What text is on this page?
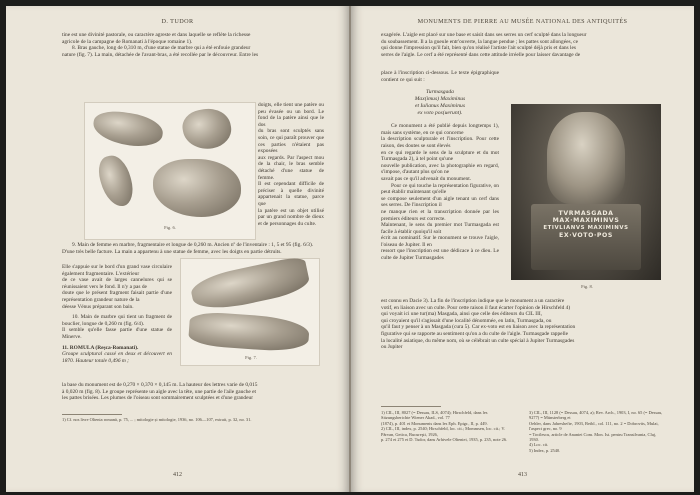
D. TUDOR

tine est une divinité pastorale, ou caractère agreste et dans laquelle se reflète la richesse

agricole de la campagne de Romanati à l'époque romaine 1).

8. Bras gauche, long de 0,310 m, d'une statue de marbre qui a été enfouie grandeur

nature (fig. 7). La main, détachée de l'avant-bras, a été recollée par le découvreur. Entre les

Fig. 6.

doigts, elle tient une patère ou peu évasée ou un bord. Le fond de la patère ainsi que le dos

du bras sont sculptés sans soin, ce qui paraît prouver que ces parties n'étaient pas exposées

aux regards. Par l'aspect mou de la chair, le bras semble détaché d'une statue de femme.

Il est cependant difficile de préciser à quelle divinité appartenait la statue, parce que

la patère est un objet utilisé par un grand nombre de dieux et de personnages du culte.

9. Main de femme en marbre, fragmentaire et longue de 0,260 m. Ancien nº de l'inventaire : 1, 5 et 95 (fig. 6/3).

D'une très belle facture. La main a appartenu à une statue de femme, avec les doigts en partie détruits.

Elle s'appuie sur le bord d'un grand vase circulaire également fragmentaire. L'extérieur

de ce vase avait de larges cannelures qui se réunissaient vers le fond. Il n'y a pas de

doute que le présent fragment faisait partie d'une représentation grandeur nature de la

déesse Vénus préparant son bain.

10. Main de marbre qui tient un fragment de bouclier, longue de 0,260 m (fig. 6/4).

Il semble qu'elle fasse partie d'une statue de Minerve.

11. ROMULA (Reşca-Romanati).

Groupe sculptural cassé en deux et découvert en 1870. Hauteur totale 0,496 m ;

Fig. 7.

la base du monument est de 0,270 × 0,370 × 0,145 m. La hauteur des lettres varie de 0,015

à 0,020 m (fig. 8). Le groupe représente un aigle avec la tête, une partie de l'aile gauche et

les pattes brisées. Les plumes de l'oiseau sont sommairement sculptées et d'une grandeur

1) Cf. nos livre Oltenia romană, p. 75, ... ; mitologie și mitologie, 1936, no. 106—107, extrait, p. 32, no. 31.
412
MONUMENTS DE PIERRE AU MUSÉE NATIONAL DES ANTIQUITÉS

exagérée. L'aigle est placé sur une base et saisit dans ses serres un cerf sculpté dans la longueur

du soubassement. Il a la gueule entr'ouverte, la langue pendue ; les pattes sont allongées, ce

qui donne l'impression qu'il fait, bien qu'on réalisé l'artiste l'ait sculpté déjà pris et dans les

serres de l'aigle. Le cerf a été représenté dans cette attitude irréelle pour laisser davantage de

place à l'inscription ci-dessous. Le texte épigraphique contient ce qui suit :

Turmasgada
Max(imus) Maximinus
et Iulianus Maximinus
ex voto pos(uerunt).

Ce monument a été publié depuis longtemps 1), mais sans système, en ce qui concerne

la description sculpturale et l'inscription. Pour cette raison, des doutes se sont élevés

en ce qui regarde le sens de la sculpture et du mot Turmasgada 2), à tel point qu'une

nouvelle publication, avec la photographie en regard, s'impose, d'autant plus qu'on ne

savait pas ce qu'il advenait du monument.

Pour ce qui touche la représentation figurative, on peut établir maintenant qu'elle

se compose seulement d'un aigle tenant un cerf dans ses serres. De l'inscription il

ne manque rien et la transcription donnée par les premiers éditeurs est correcte.

Maintenant, le sens du premier mot Turmasgada est facile à établir quoiqu'il soit

écrit au nominatif. Sur le monument se trouve l'aigle, l'oiseau de Jupiter. Il en

ressort que l'inscription est une dédicace à ce dieu. Le culte de Jupiter Turmasgades

TVRMASGADA
MAX·MAXIMINVS
ETIVLIANVS MAXIMINVS
EX·VOTO·POS
Fig. 8.

est connu en Dacie 3). La fin de l'inscription indique que le monument a un caractère

votif, en liaison avec un culte. Pour cette raison il faut écarter l'opinion de Hirschfeld 4)

qui voyait ici une tur(ma) Masgada, ainsi que celle des éditeurs du CIL III,

qui croyaient qu'il s'agissait d'une localité dénommée, en latin, Turmasgada, ou

qu'il faut y penser à un Masgada (cura 5). Car ex-voto est en liaison avec la représentation

figurative qui se rapporte au sentiment qu'on a du culte de l'aigle. Turmasgade rappelle

la localité asiatique, du même nom, où se célébrait un culte spécial à Jupiter Turmasgades

ou Jupiter

1) CIL, III, 8027 (= Dessau, ILS, 4074); Hirschfeld, dans les Sitzungsberichte Wiener Akad., vol. 77
(1874), p. 401 et Monuments dans les Eph. Epigr., II, p. 449.
2) CIL, III, index, p. 2540; Hirschfeld, loc. cit.; Mommsen, loc. cit.; V. Pârvan, Getica, Bucureşti, 1926,
p. 274 et 275 et D. Tudor, dans Arhivele Olteniei, 1935, p. 235, note 26.
3) CIL, III, 1128 (= Dessau, 4074, a); Rev. Arch., 1903, I, no. 65 (= Dessau, 9277) = Münsterberg et
Oehler, dans Jahreshefte, 1903, Beibl., col. 111, no. 2 = Dobrovits, Mulai, l'aspect grec, no. 9
= Tocilescu, article de Ananiei Com. Mon. Ist. pentru Transilvania, Cluj, 1930.
4) Loc. cit.
5) Index, p. 2540.
413
